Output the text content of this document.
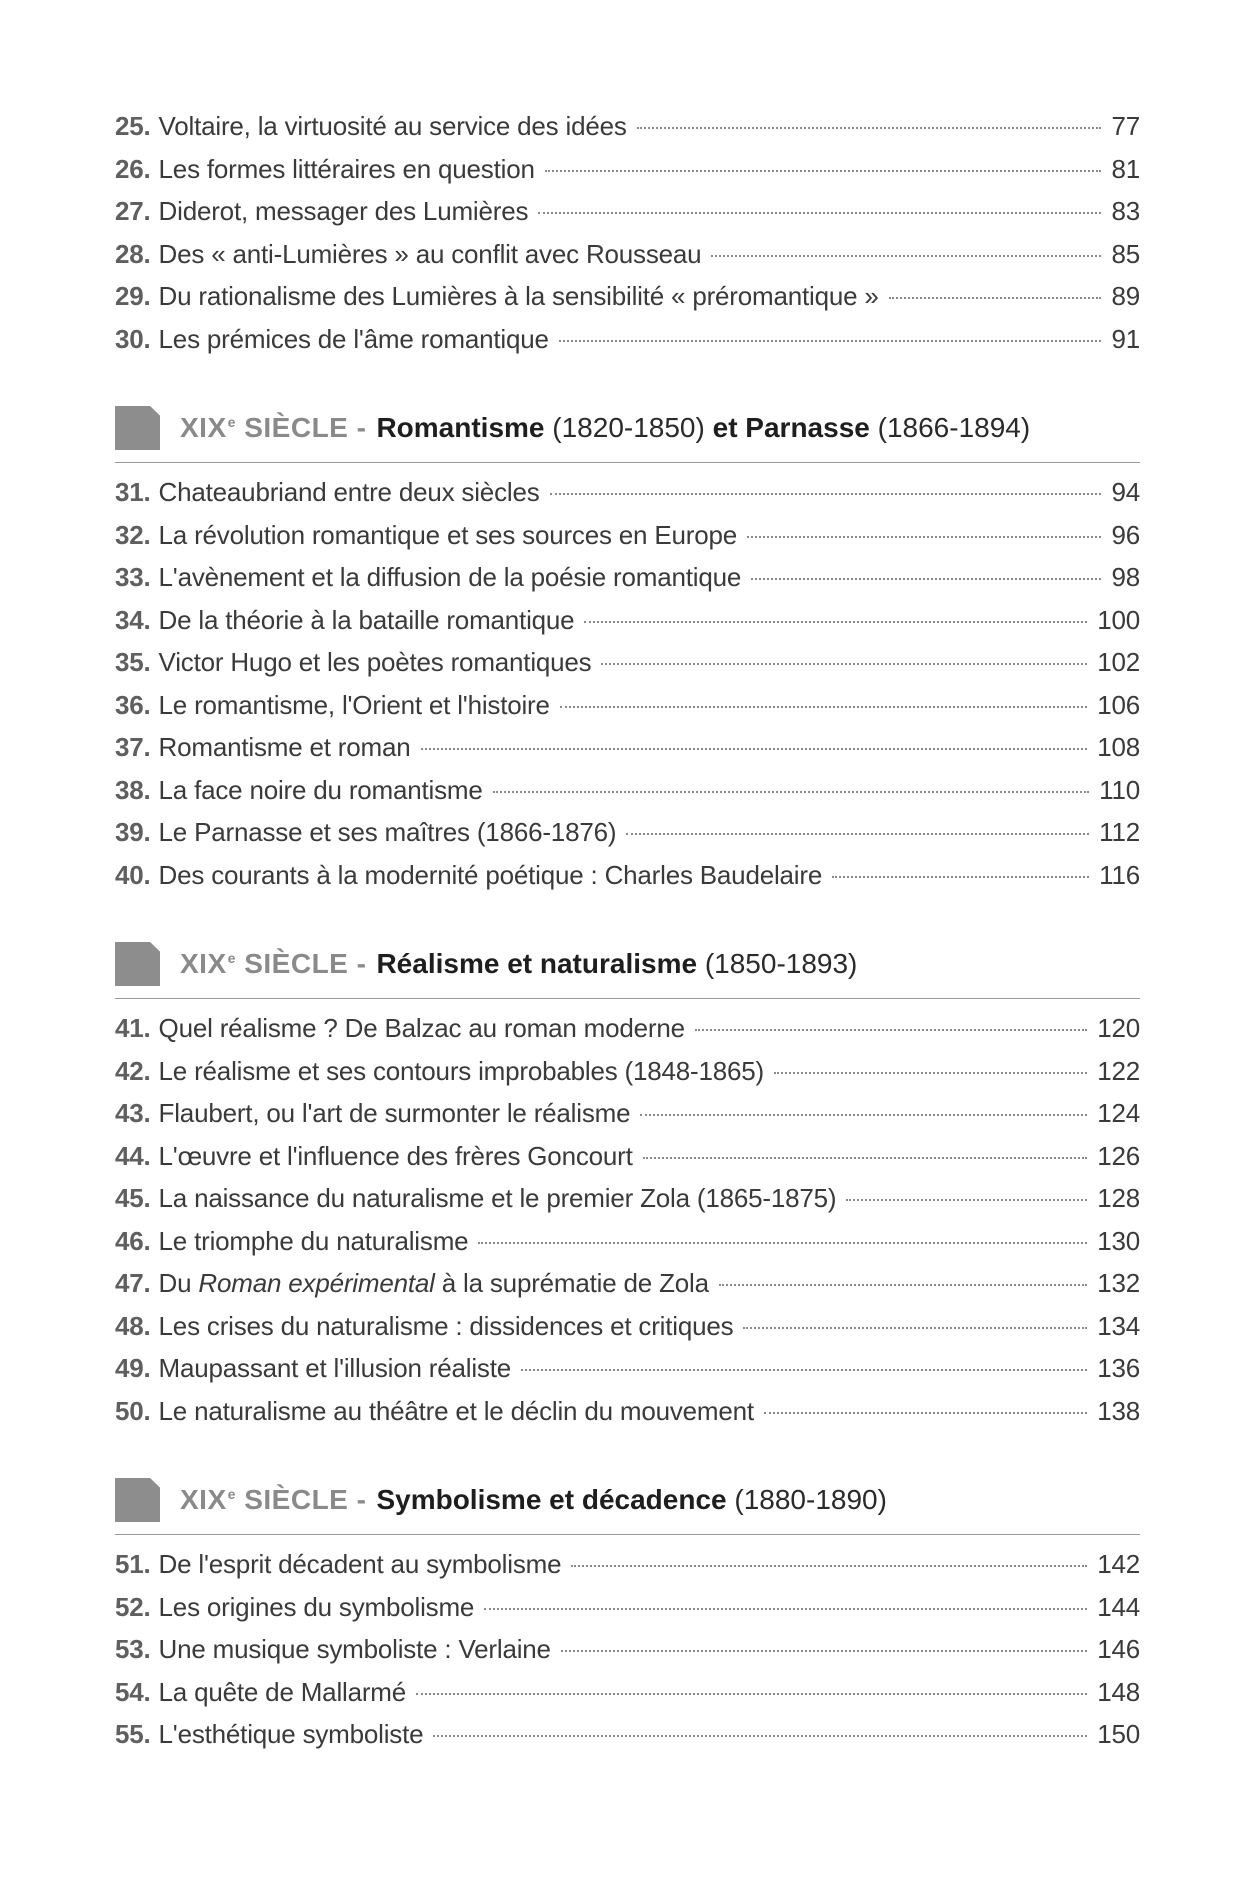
25. Voltaire, la virtuosité au service des idées	77
26. Les formes littéraires en question	81
27. Diderot, messager des Lumières	83
28. Des « anti-Lumières » au conflit avec Rousseau	85
29. Du rationalisme des Lumières à la sensibilité « préromantique »	89
30. Les prémices de l'âme romantique	91
XIXe SIÈCLE - Romantisme (1820-1850) et Parnasse (1866-1894)
31. Chateaubriand entre deux siècles	94
32. La révolution romantique et ses sources en Europe	96
33. L'avènement et la diffusion de la poésie romantique	98
34. De la théorie à la bataille romantique	100
35. Victor Hugo et les poètes romantiques	102
36. Le romantisme, l'Orient et l'histoire	106
37. Romantisme et roman	108
38. La face noire du romantisme	110
39. Le Parnasse et ses maîtres (1866-1876)	112
40. Des courants à la modernité poétique : Charles Baudelaire	116
XIXe SIÈCLE - Réalisme et naturalisme (1850-1893)
41. Quel réalisme ? De Balzac au roman moderne	120
42. Le réalisme et ses contours improbables (1848-1865)	122
43. Flaubert, ou l'art de surmonter le réalisme	124
44. L'œuvre et l'influence des frères Goncourt	126
45. La naissance du naturalisme et le premier Zola (1865-1875)	128
46. Le triomphe du naturalisme	130
47. Du Roman expérimental à la suprématie de Zola	132
48. Les crises du naturalisme : dissidences et critiques	134
49. Maupassant et l'illusion réaliste	136
50. Le naturalisme au théâtre et le déclin du mouvement	138
XIXe SIÈCLE - Symbolisme et décadence (1880-1890)
51. De l'esprit décadent au symbolisme	142
52. Les origines du symbolisme	144
53. Une musique symboliste : Verlaine	146
54. La quête de Mallarmé	148
55. L'esthétique symboliste	150
